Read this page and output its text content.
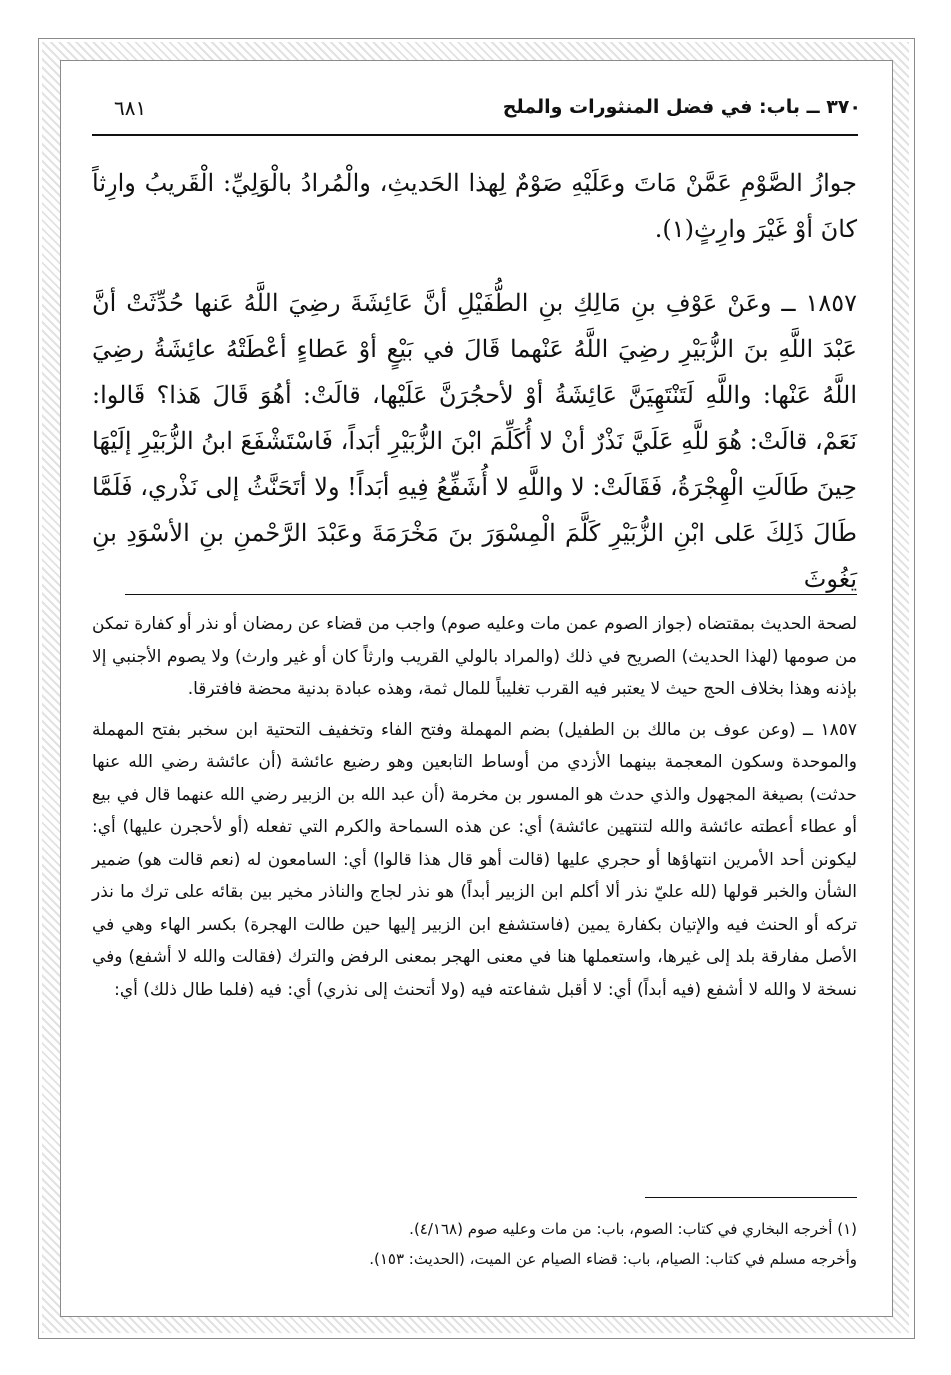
٦٨١	٣٧٠ ــ باب: في فضل المنثورات والملح

جوازُ الصَّوْمِ عَمَّنْ مَاتَ وعَلَيْهِ صَوْمٌ لِهذا الحَديثِ، والْمُرادُ بالْوَلِيِّ: الْقَريبُ وارِثاً كانَ أوْ غَيْرَ وارِثٍ(١).

١٨٥٧ ــ وعَنْ عَوْفِ بنِ مَالِكِ بنِ الطُّفَيْلِ أنَّ عَائِشَةَ رضِيَ اللَّهُ عَنها حُدِّثَتْ أنَّ عَبْدَ اللَّهِ بنَ الزُّبَيْرِ رضِيَ اللَّهُ عَنْهما قَالَ في بَيْعٍ أوْ عَطاءٍ أعْطَتْهُ عائِشَةُ رضِيَ اللَّهُ عَنْها: واللَّهِ لَتَنْتَهِيَنَّ عَائِشَةُ أوْ لأحجُرَنَّ عَلَيْها، قالَتْ: أهُوَ قَالَ هَذا؟ قَالوا: نَعَمْ، قالَتْ: هُوَ للَّهِ عَلَيَّ نَذْرٌ أنْ لا أُكَلِّمَ ابْنَ الزُّبَيْرِ أبَداً، فَاسْتَشْفَعَ ابنُ الزُّبَيْرِ إلَيْهَا حِينَ طَالَتِ الْهِجْرَةُ، فَقَالَتْ: لا واللَّهِ لا أُشَفِّعُ فِيهِ أبَداً! ولا أتَحَنَّثُ إلى نَذْري، فَلَمَّا طَالَ ذَلِكَ عَلى ابْنِ الزُّبَيْرِ كَلَّمَ الْمِسْوَرَ بنَ مَخْرَمَةَ وعَبْدَ الرَّحْمنِ بنِ الأسْوَدِ بنِ يَغُوثَ

لصحة الحديث بمقتضاه (جواز الصوم عمن مات وعليه صوم) واجب من قضاء عن رمضان أو نذر أو كفارة تمكن من صومها (لهذا الحديث) الصريح في ذلك (والمراد بالولي القريب وارثاً كان أو غير وارث) ولا يصوم الأجنبي إلا بإذنه وهذا بخلاف الحج حيث لا يعتبر فيه القرب تغليباً للمال ثمة، وهذه عبادة بدنية محضة فافترقا.

١٨٥٧ ــ (وعن عوف بن مالك بن الطفيل) بضم المهملة وفتح الفاء وتخفيف التحتية ابن سخبر بفتح المهملة والموحدة وسكون المعجمة بينهما الأزدي من أوساط التابعين وهو رضيع عائشة (أن عائشة رضي الله عنها حدثت) بصيغة المجهول والذي حدث هو المسور بن مخرمة (أن عبد الله بن الزبير رضي الله عنهما قال في بيع أو عطاء أعطته عائشة والله لتنتهين عائشة) أي: عن هذه السماحة والكرم التي تفعله (أو لأحجرن عليها) أي: ليكونن أحد الأمرين انتهاؤها أو حجري عليها (قالت أهو قال هذا قالوا) أي: السامعون له (نعم قالت هو) ضمير الشأن والخبر قولها (لله عليّ نذر ألا أكلم ابن الزبير أبداً) هو نذر لجاج والناذر مخير بين بقائه على ترك ما نذر تركه أو الحنث فيه والإتيان بكفارة يمين (فاستشفع ابن الزبير إليها حين طالت الهجرة) بكسر الهاء وهي في الأصل مفارقة بلد إلى غيرها، واستعملها هنا في معنى الهجر بمعنى الرفض والترك (فقالت والله لا أشفع) وفي نسخة لا والله لا أشفع (فيه أبداً) أي: لا أقبل شفاعته فيه (ولا أتحنث إلى نذري) أي: فيه (فلما طال ذلك) أي:

(١) أخرجه البخاري في كتاب: الصوم، باب: من مات وعليه صوم (٤/١٦٨).

وأخرجه مسلم في كتاب: الصيام، باب: قضاء الصيام عن الميت، (الحديث: ١٥٣).
